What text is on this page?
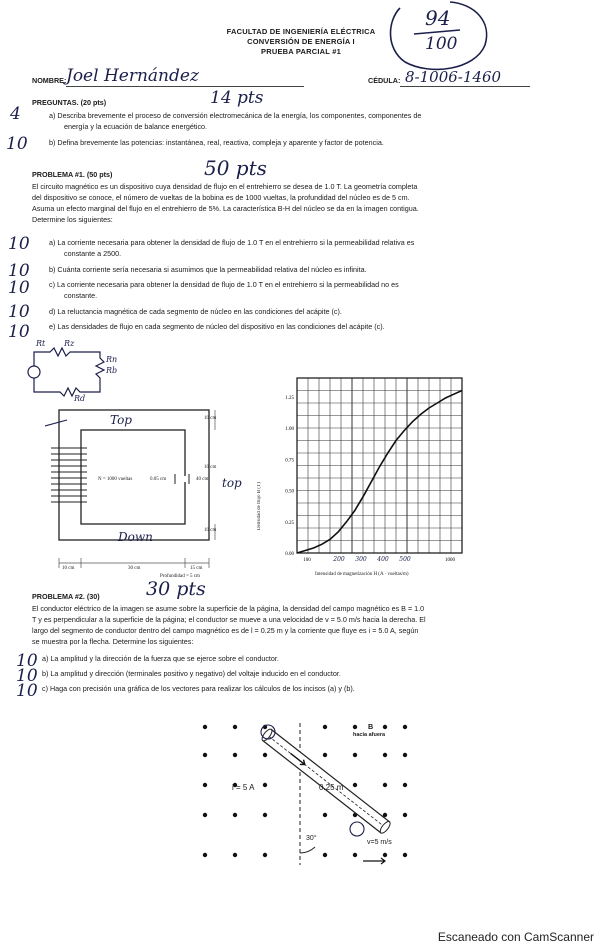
FACULTAD DE INGENIERÍA ELÉCTRICA
CONVERSIÓN DE ENERGÍA I
PRUEBA PARCIAL #1
94
100
NOMBRE: Joel Hernández	CÉDULA: 8-1006-1460
PREGUNTAS. (20 pts)	14 pts
4
10
a) Describa brevemente el proceso de conversión electromecánica de la energía, los componentes, componentes de
energía y la ecuación de balance energético.
b) Defina brevemente las potencias: instantánea, real, reactiva, compleja y aparente y factor de potencia.
PROBLEMA #1. (50 pts)	50 pts
El circuito magnético es un dispositivo cuya densidad de flujo en el entrehierro se desea de 1.0 T. La geometría completa
del dispositivo se conoce, el número de vueltas de la bobina es de 1000 vueltas, la profundidad del núcleo es de 5 cm.
Asuma un efecto marginal del flujo en el entrehierro de 5%. La característica B-H del núcleo se da en la imagen contigua.
Determine los siguientes:
10	a) La corriente necesaria para obtener la densidad de flujo de 1.0 T en el entrehierro si la permeabilidad relativa es
constante a 2500.
10	b) Cuánta corriente sería necesaria si asumimos que la permeabilidad relativa del núcleo es infinita.
10	c) La corriente necesaria para obtener la densidad de flujo de 1.0 T en el entrehierro si la permeabilidad no es
constante.
10	d) La reluctancia magnética de cada segmento de núcleo en las condiciones del acápite (c).
10	e) Las densidades de flujo en cada segmento de núcleo del dispositivo en las condiciones del acápite (c).
Rt Rz
Rn
Rb
Rd
10 cm
10 cm
10 cm
N = 1000 vueltas	0.05 cm	40 cm
10 cm	30 cm	15 cm
Profundidad = 5 cm
Top
Down
top
0.00
0.25
0.50
0.75
1.00
1.25
100	1000
200 300 400 500
Densidad de flujo B (T)
Intensidad de magnetización H (A · vueltas/m)
PROBLEMA #2. (30) 30 pts
El conductor eléctrico de la imagen se asume sobre la superficie de la página, la densidad del campo magnético es B = 1.0
T y es perpendicular a la superficie de la página; el conductor se mueve a una velocidad de v = 5.0 m/s hacia la derecha. El
largo del segmento de conductor dentro del campo magnético es de l = 0.25 m y la corriente que fluye es i = 5.0 A, según
se muestra por la flecha. Determine los siguientes:
10 a) La amplitud y la dirección de la fuerza que se ejerce sobre el conductor.
10 b) La amplitud y dirección (terminales positivo y negativo) del voltaje inducido en el conductor.
10 c) Haga con precisión una gráfica de los vectores para realizar los cálculos de los incisos (a) y (b).
B
hacia afuera
i = 5 A	0.25 m
30°
v=5 m/s
Escaneado con CamScanner
